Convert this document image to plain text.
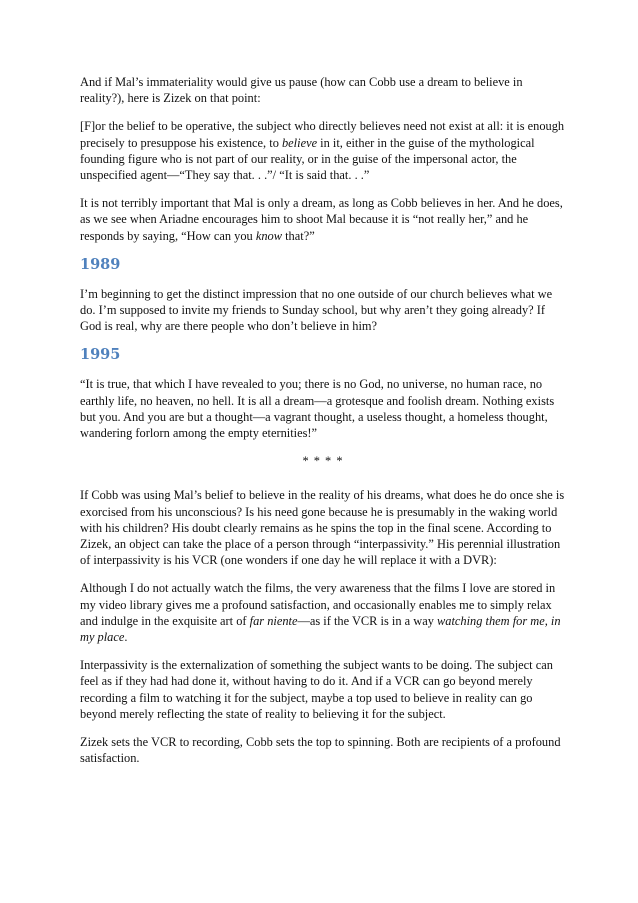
And if Mal’s immateriality would give us pause (how can Cobb use a dream to believe in reality?), here is Zizek on that point:

[F]or the belief to be operative, the subject who directly believes need not exist at all: it is enough precisely to presuppose his existence, to believe in it, either in the guise of the mythological founding figure who is not part of our reality, or in the guise of the impersonal actor, the unspecified agent—“They say that. . .”/ “It is said that. . .”

It is not terribly important that Mal is only a dream, as long as Cobb believes in her. And he does, as we see when Ariadne encourages him to shoot Mal because it is “not really her,” and he responds by saying, “How can you know that?”

1989

I’m beginning to get the distinct impression that no one outside of our church believes what we do. I’m supposed to invite my friends to Sunday school, but why aren’t they going already? If God is real, why are there people who don’t believe in him?

1995

“It is true, that which I have revealed to you; there is no God, no universe, no human race, no earthly life, no heaven, no hell. It is all a dream—a grotesque and foolish dream. Nothing exists but you. And you are but a thought—a vagrant thought, a useless thought, a homeless thought, wandering forlorn among the empty eternities!”

* * * *

If Cobb was using Mal’s belief to believe in the reality of his dreams, what does he do once she is exorcised from his unconscious? Is his need gone because he is presumably in the waking world with his children? His doubt clearly remains as he spins the top in the final scene. According to Zizek, an object can take the place of a person through “interpassivity.” His perennial illustration of interpassivity is his VCR (one wonders if one day he will replace it with a DVR):

Although I do not actually watch the films, the very awareness that the films I love are stored in my video library gives me a profound satisfaction, and occasionally enables me to simply relax and indulge in the exquisite art of far niente—as if the VCR is in a way watching them for me, in my place.

Interpassivity is the externalization of something the subject wants to be doing. The subject can feel as if they had had done it, without having to do it. And if a VCR can go beyond merely recording a film to watching it for the subject, maybe a top used to believe in reality can go beyond merely reflecting the state of reality to believing it for the subject.

Zizek sets the VCR to recording, Cobb sets the top to spinning. Both are recipients of a profound satisfaction.
